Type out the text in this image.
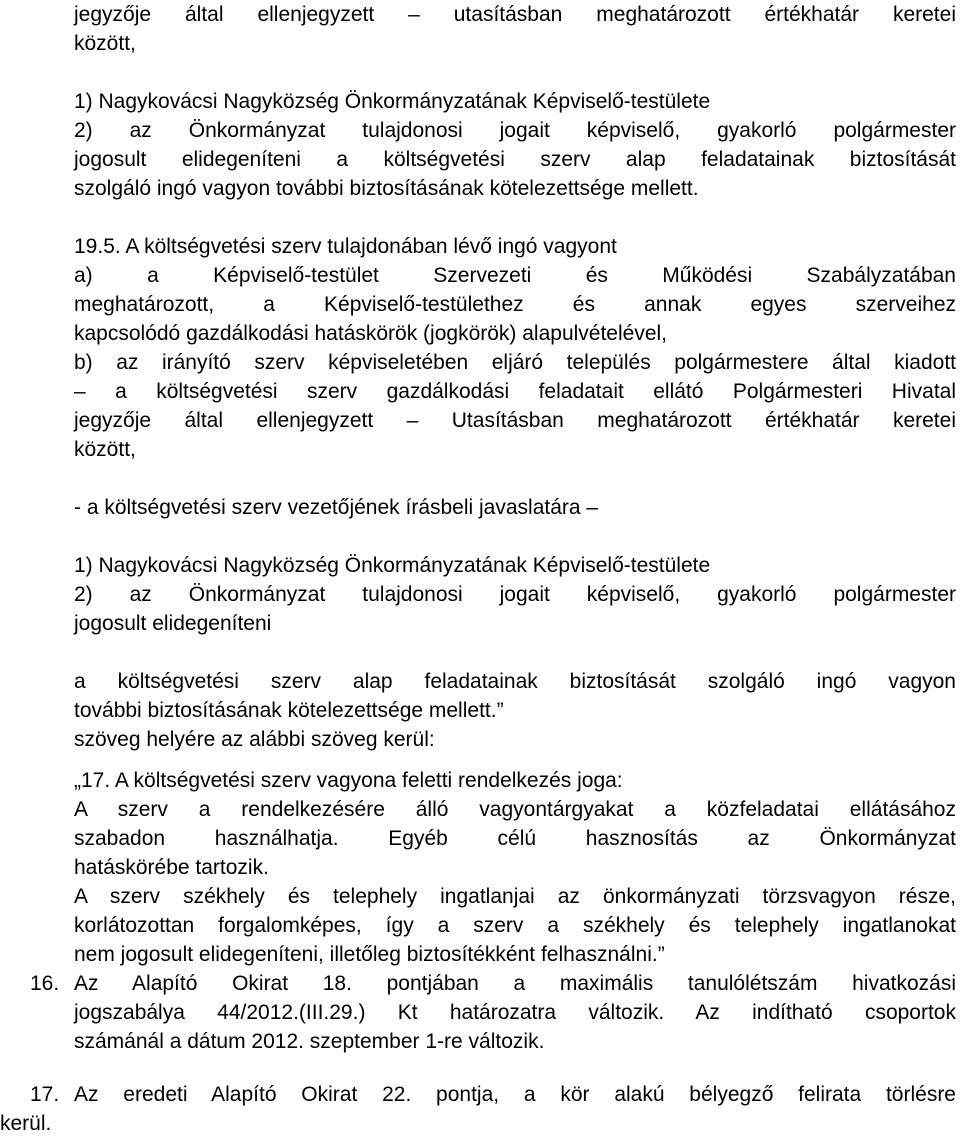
jegyzője által ellenjegyzett – utasításban meghatározott értékhatár keretei
között,
1) Nagykovácsi Nagyközség Önkormányzatának Képviselő-testülete
2) az Önkormányzat tulajdonosi jogait képviselő, gyakorló polgármester
jogosult elidegeníteni a költségvetési szerv alap feladatainak biztosítását
szolgáló ingó vagyon további biztosításának kötelezettsége mellett.
19.5. A költségvetési szerv tulajdonában lévő ingó vagyont
a) a Képviselő-testület Szervezeti és Működési Szabályzatában
meghatározott, a Képviselő-testülethez és annak egyes szerveihez
kapcsolódó gazdálkodási hatáskörök (jogkörök) alapulvételével,
b) az irányító szerv képviseletében eljáró település polgármestere által kiadott
– a költségvetési szerv gazdálkodási feladatait ellátó Polgármesteri Hivatal
jegyzője által ellenjegyzett – Utasításban meghatározott értékhatár keretei
között,
- a költségvetési szerv vezetőjének írásbeli javaslatára –
1) Nagykovácsi Nagyközség Önkormányzatának Képviselő-testülete
2) az Önkormányzat tulajdonosi jogait képviselő, gyakorló polgármester
jogosult elidegeníteni
a költségvetési szerv alap feladatainak biztosítását szolgáló ingó vagyon
további biztosításának kötelezettsége mellett.”
szöveg helyére az alábbi szöveg kerül:
„17. A költségvetési szerv vagyona feletti rendelkezés joga:
A szerv a rendelkezésére álló vagyontárgyakat a közfeladatai ellátásához
szabadon használhatja. Egyéb célú hasznosítás az Önkormányzat
hatáskörébe tartozik.
A szerv székhely és telephely ingatlanjai az önkormányzati törzsvagyon része,
korlátozottan forgalomképes, így a szerv a székhely és telephely ingatlanokat
nem jogosult elidegeníteni, illetőleg biztosítékként felhasználni.”
16. Az Alapító Okirat 18. pontjában a maximális tanulólétszám hivatkozási
jogszabálya 44/2012.(III.29.) Kt határozatra változik. Az indítható csoportok
számánál a dátum 2012. szeptember 1-re változik.
17. Az eredeti Alapító Okirat 22. pontja, a kör alakú bélyegző felirata törlésre
kerül.
